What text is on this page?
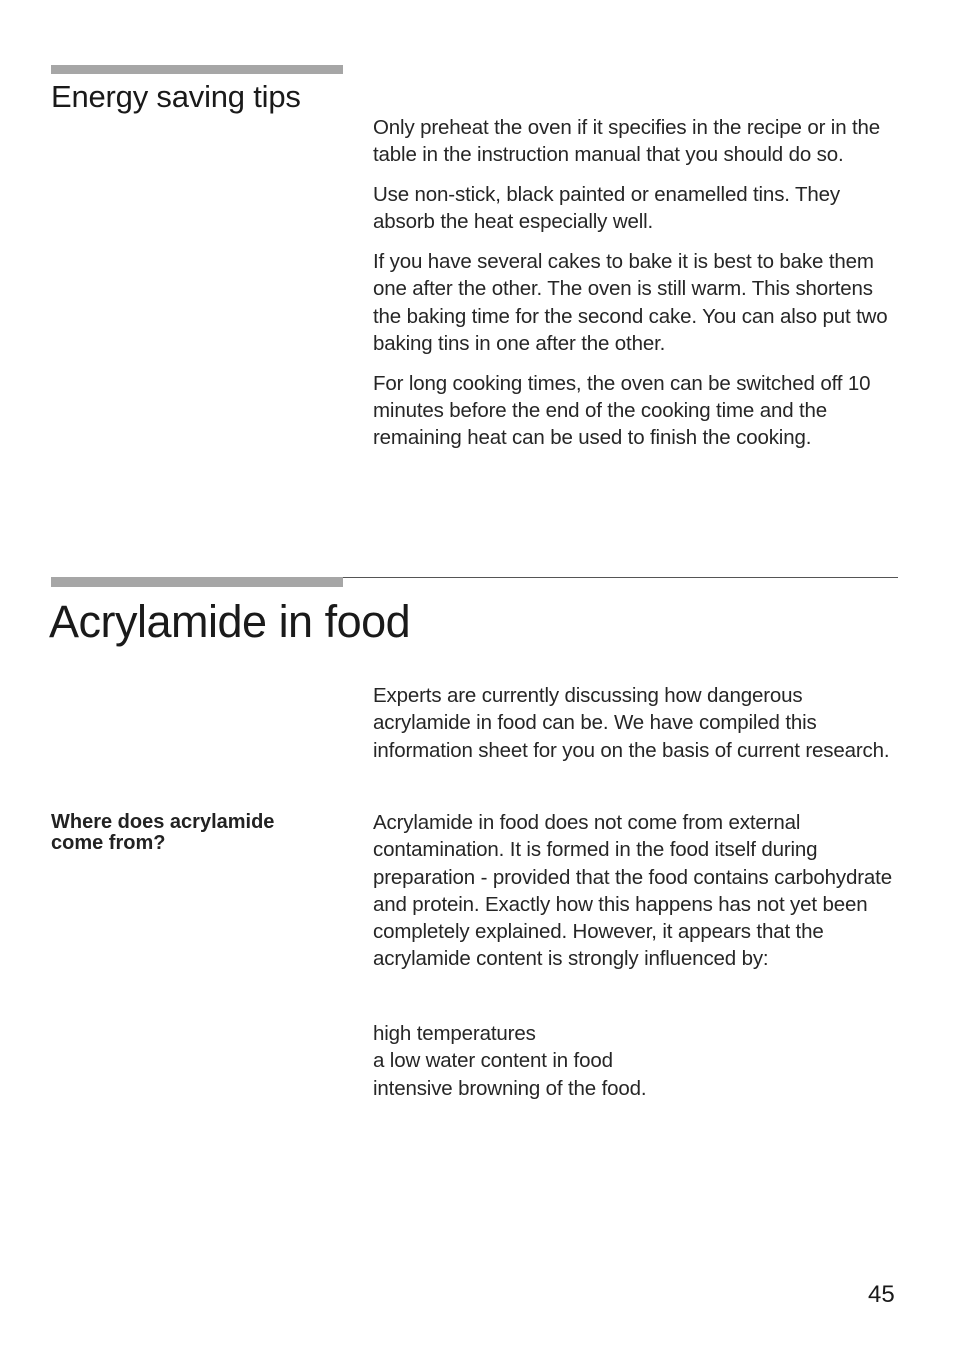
Energy saving tips

Only preheat the oven if it specifies in the recipe or in the table in the instruction manual that you should do so.

Use non-stick, black painted or enamelled tins. They absorb the heat especially well.

If you have several cakes to bake it is best to bake them one after the other. The oven is still warm. This shortens the baking time for the second cake. You can also put two baking tins in one after the other.

For long cooking times, the oven can be switched off 10 minutes before the end of the cooking time and the remaining heat can be used to finish the cooking.

Acrylamide in food

Experts are currently discussing how dangerous acrylamide in food can be. We have compiled this information sheet for you on the basis of current research.

Where does acrylamide come from?

Acrylamide in food does not come from external contamination. It is formed in the food itself during preparation - provided that the food contains carbohydrate and protein. Exactly how this happens has not yet been completely explained. However, it appears that the acrylamide content is strongly influenced by:

high temperatures

a low water content in food

intensive browning of the food.

45
